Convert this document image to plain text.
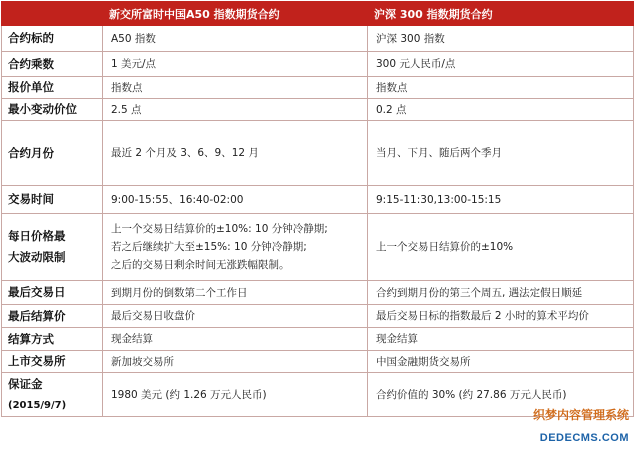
	新交所富时中国A50 指数期货合约	沪深 300 指数期货合约
合约标的	A50 指数	沪深 300 指数

合约乘数	1 美元/点	300 元人民币/点

报价单位	指数点	指数点

最小变动价位	2.5 点	0.2 点

合约月份	最近 2 个月及 3、6、9、12 月	当月、下月、随后两个季月

交易时间	9:00-15:55、16:40-02:00	9:15-11:30,13:00-15:15

每日价格最
大波动限制	上一个交易日结算价的±10%: 10 分钟冷静期;
若之后继续扩大至±15%: 10 分钟冷静期;
之后的交易日剩余时间无涨跌幅限制。	上一个交易日结算价的±10%

最后交易日	到期月份的倒数第二个工作日	合约到期月份的第三个周五, 遇法定假日顺延

最后结算价	最后交易日收盘价	最后交易日标的指数最后 2 小时的算术平均价

结算方式	现金结算	现金结算

上市交易所	新加坡交易所	中国金融期货交易所

保证金
(2015/9/7)	1980 美元 (约 1.26 万元人民币)	合约价值的 30% (约 27.86 万元人民币)
织梦内容管理系统
DEDECMS.COM
